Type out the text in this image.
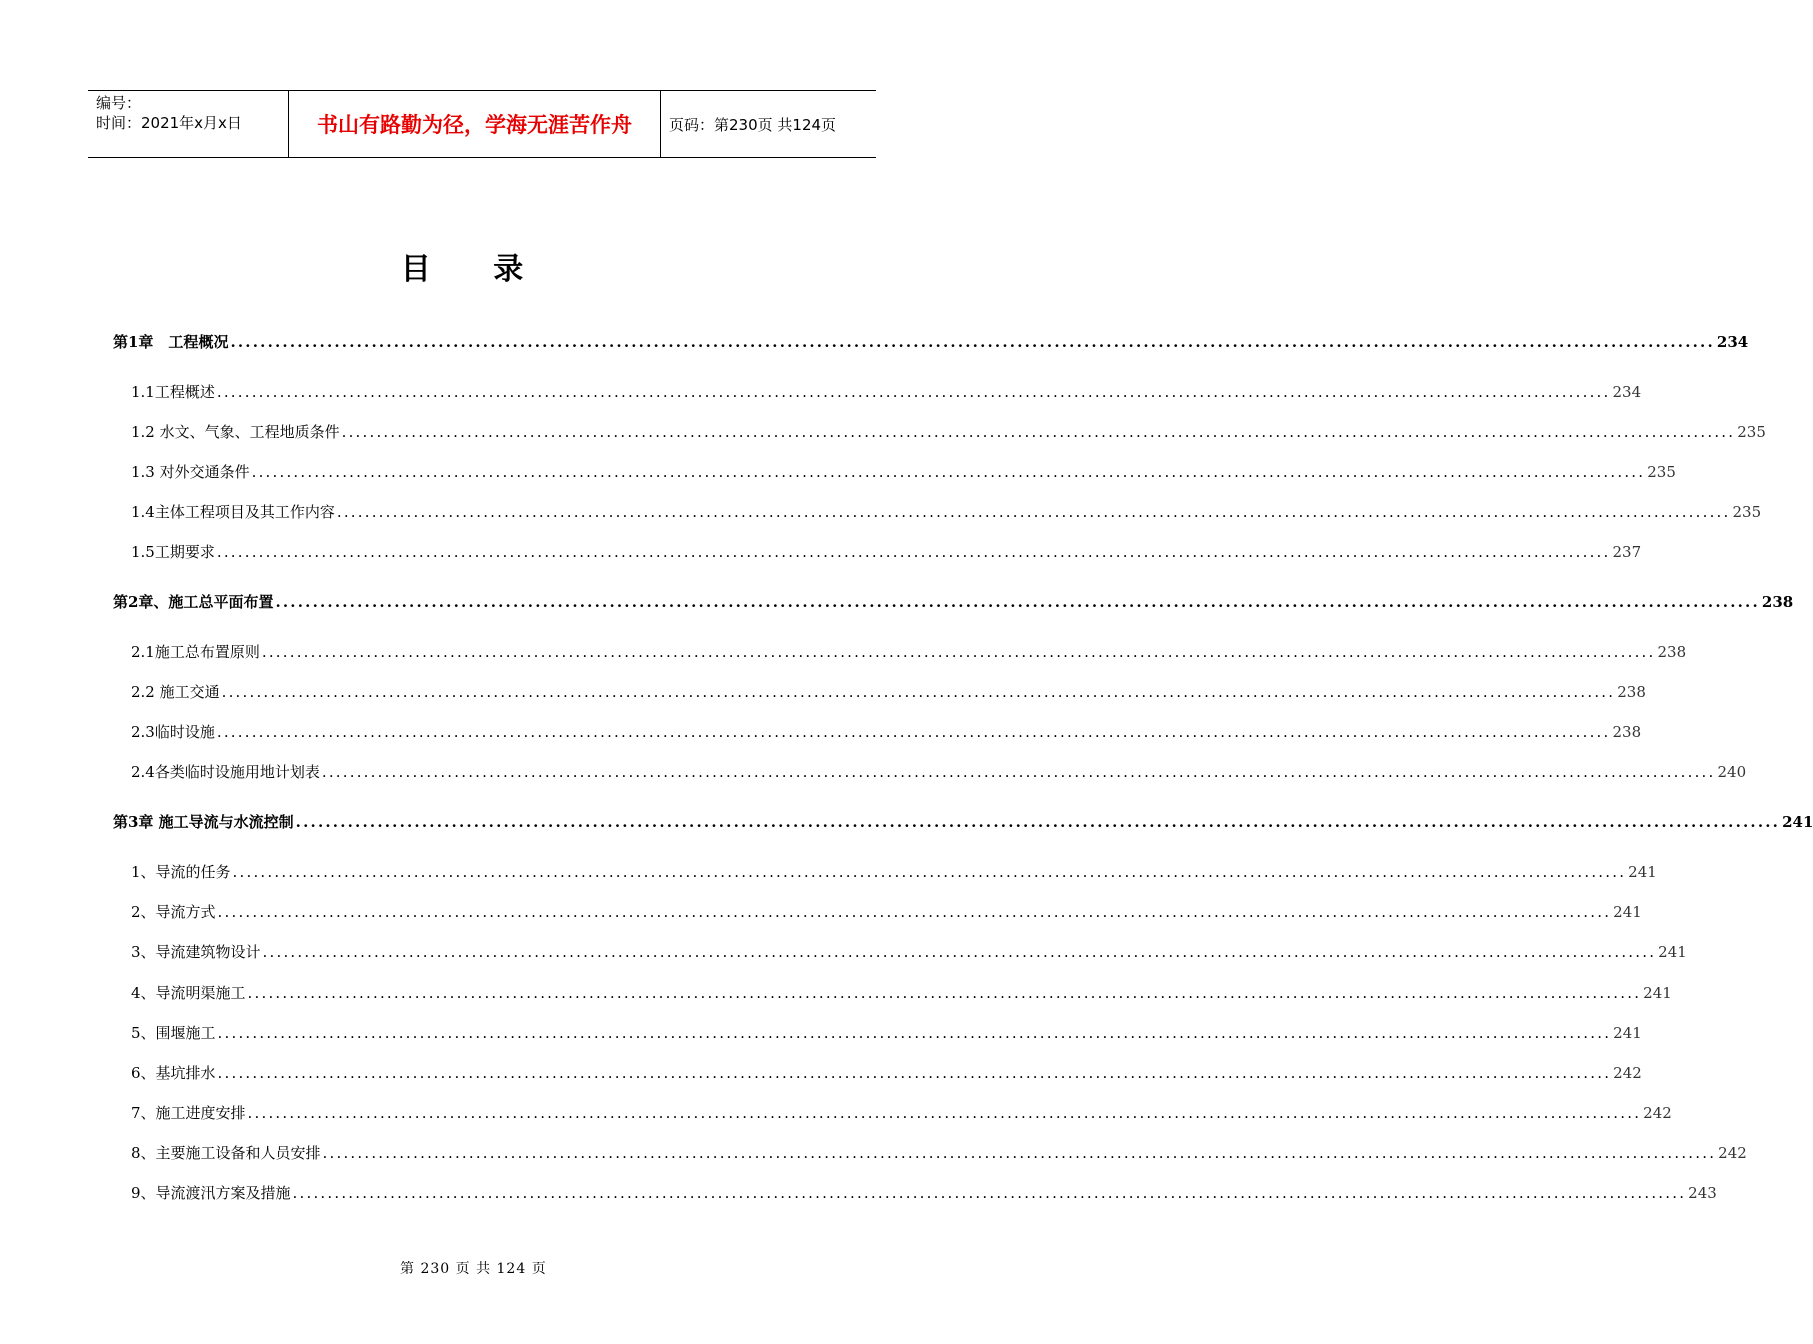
编号：
时间：2021年x月x日	书山有路勤为径，学海无涯苦作舟	页码：第230页 共124页
目 录
第1章　工程概况 ........................................................................................................................................................................................................ 234
1.1工程概述 ........................................................................................................................................................................................................ 234
1.2 水文、气象、工程地质条件 ........................................................................................................................................................................................................ 235
1.3 对外交通条件 ........................................................................................................................................................................................................ 235
1.4主体工程项目及其工作内容 ........................................................................................................................................................................................................ 235
1.5工期要求 ........................................................................................................................................................................................................ 237
第2章、施工总平面布置 ........................................................................................................................................................................................................ 238
2.1施工总布置原则 ........................................................................................................................................................................................................ 238
2.2 施工交通 ........................................................................................................................................................................................................ 238
2.3临时设施 ........................................................................................................................................................................................................ 238
2.4各类临时设施用地计划表 ........................................................................................................................................................................................................ 240
第3章 施工导流与水流控制 ........................................................................................................................................................................................................ 241
1、导流的任务 ........................................................................................................................................................................................................ 241
2、导流方式 ........................................................................................................................................................................................................ 241
3、导流建筑物设计 ........................................................................................................................................................................................................ 241
4、导流明渠施工 ........................................................................................................................................................................................................ 241
5、围堰施工 ........................................................................................................................................................................................................ 241
6、基坑排水 ........................................................................................................................................................................................................ 242
7、施工进度安排 ........................................................................................................................................................................................................ 242
8、主要施工设备和人员安排 ........................................................................................................................................................................................................ 242
9、导流渡汛方案及措施 ........................................................................................................................................................................................................ 243
第 230 页 共 124 页
